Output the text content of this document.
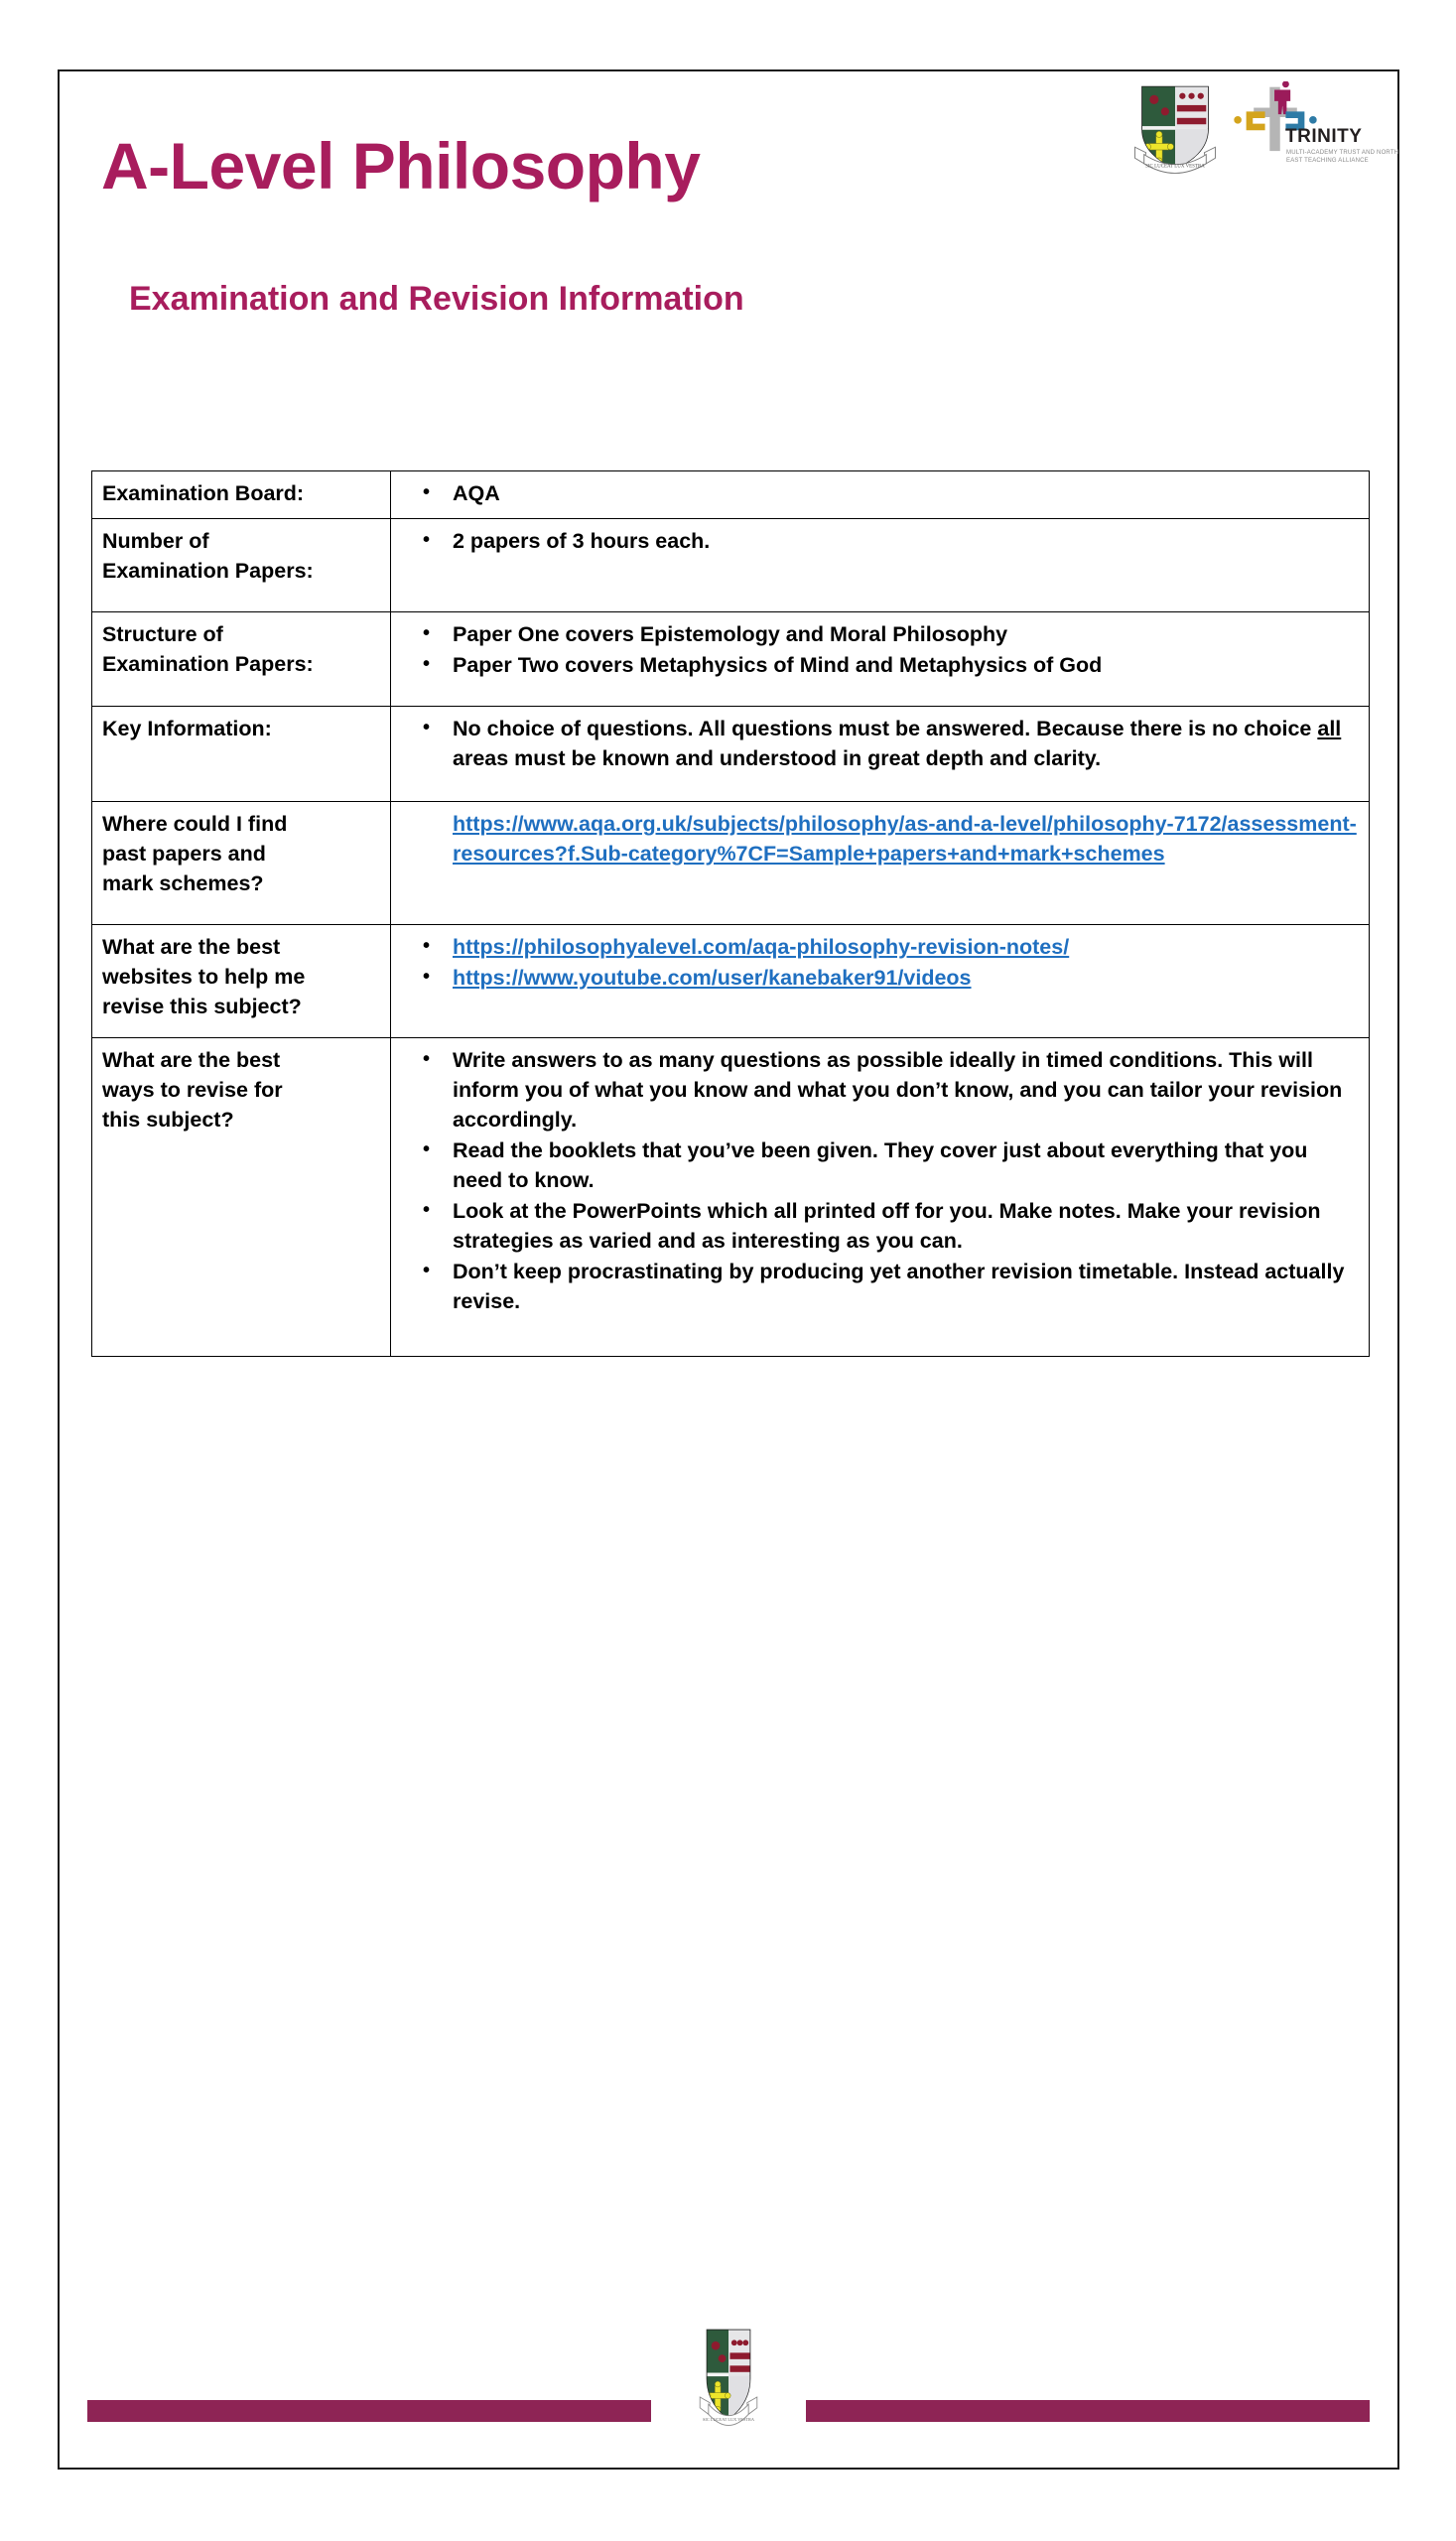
SIC LUCEAT LUX VESTRA
TRINITY
MULTI-ACADEMY TRUST AND NORTH EAST TEACHING ALLIANCE
A-Level Philosophy
Examination and Revision Information
Examination Board:

•AQA

Number of
Examination Papers:

• 2 papers of 3 hours each.

Structure of
Examination Papers:

• Paper One covers Epistemology and Moral Philosophy
• Paper Two covers Metaphysics of Mind and Metaphysics of God

Key Information:

•No choice of questions. All questions must be answered. Because there is no choice all areas must be known and understood in great depth and clarity.

Where could I find
past papers and
mark schemes?	https://www.aqa.org.uk/subjects/philosophy/as-and-a-level/philosophy-7172/assessment-resources?f.Sub-category%7CF=Sample+papers+and+mark+schemes

What are the best
websites to help me
revise this subject?

• https://philosophyalevel.com/aqa-philosophy-revision-notes/
• https://www.youtube.com/user/kanebaker91/videos

What are the best
ways to revise for
this subject?

• Write answers to as many questions as possible ideally in timed conditions. This will inform you of what you know and what you don’t know, and you can tailor your revision accordingly.
• Read the booklets that you’ve been given. They cover just about everything that you need to know.
• Look at the PowerPoints which all printed off for you. Make notes. Make your revision strategies as varied and as interesting as you can.
• Don’t keep procrastinating by producing yet another revision timetable. Instead actually revise.
SIC LUCEAT LUX VESTRA
